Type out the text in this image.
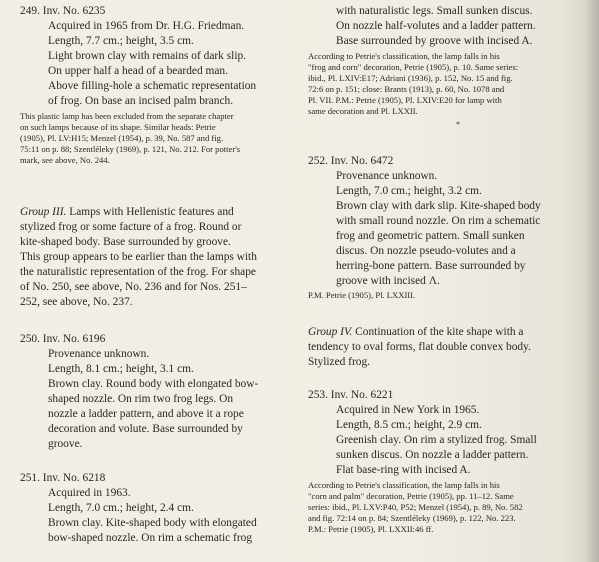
249. Inv. No. 6235
Acquired in 1965 from Dr. H.G. Friedman.
Length, 7.7 cm.; height, 3.5 cm.
Light brown clay with remains of dark slip.
On upper half a head of a bearded man.
Above filling-hole a schematic representation
of frog. On base an incised palm branch.
This plastic lamp has been excluded from the separate chapter
on such lamps because of its shape. Similar heads: Petrie
(1905), Pl. LV:H15; Menzel (1954), p. 39, No. 587 and fig.
75:11 on p. 88; Szentléleky (1969), p. 121, No. 212. For potter's
mark, see above, No. 244.
Group III. Lamps with Hellenistic features and
stylized frog or some facture of a frog. Round or
kite-shaped body. Base surrounded by groove.
This group appears to be earlier than the lamps with
the naturalistic representation of the frog. For shape
of No. 250, see above, No. 236 and for Nos. 251–
252, see above, No. 237.
250. Inv. No. 6196
Provenance unknown.
Length, 8.1 cm.; height, 3.1 cm.
Brown clay. Round body with elongated bow-
shaped nozzle. On rim two frog legs. On
nozzle a ladder pattern, and above it a rope
decoration and volute. Base surrounded by
groove.
251. Inv. No. 6218
Acquired in 1963.
Length, 7.0 cm.; height, 2.4 cm.
Brown clay. Kite-shaped body with elongated
bow-shaped nozzle. On rim a schematic frog
with naturalistic legs. Small sunken discus.
On nozzle half-volutes and a ladder pattern.
Base surrounded by groove with incised A.
According to Petrie's classification, the lamp falls in his
"frog and corn" decoration, Petrie (1905), p. 10. Same series:
ibid., Pl. LXIV:E17; Adriani (1936), p. 152, No. 15 and fig.
72:6 on p. 151; close: Brants (1913), p. 60, No. 1078 and
Pl. VII. P.M.: Petrie (1905), Pl. LXIV:E20 for lamp with
same decoration and Pl. LXXII.
*
252. Inv. No. 6472
Provenance unknown.
Length, 7.0 cm.; height, 3.2 cm.
Brown clay with dark slip. Kite-shaped body
with small round nozzle. On rim a schematic
frog and geometric pattern. Small sunken
discus. On nozzle pseudo-volutes and a
herring-bone pattern. Base surrounded by
groove with incised Λ.
P.M. Petrie (1905), Pl. LXXIII.
Group IV. Continuation of the kite shape with a
tendency to oval forms, flat double convex body.
Stylized frog.
253. Inv. No. 6221
Acquired in New York in 1965.
Length, 8.5 cm.; height, 2.9 cm.
Greenish clay. On rim a stylized frog. Small
sunken discus. On nozzle a ladder pattern.
Flat base-ring with incised A.
According to Petrie's classification, the lamp falls in his
"corn and palm" decoration, Petrie (1905), pp. 11–12. Same
series: ibid., Pl. LXV:P40, P52; Menzel (1954), p. 89, No. 582
and fig. 72:14 on p. 84; Szentléleky (1969), p. 122, No. 223.
P.M.: Petrie (1905), Pl. LXXII:46 ff.
